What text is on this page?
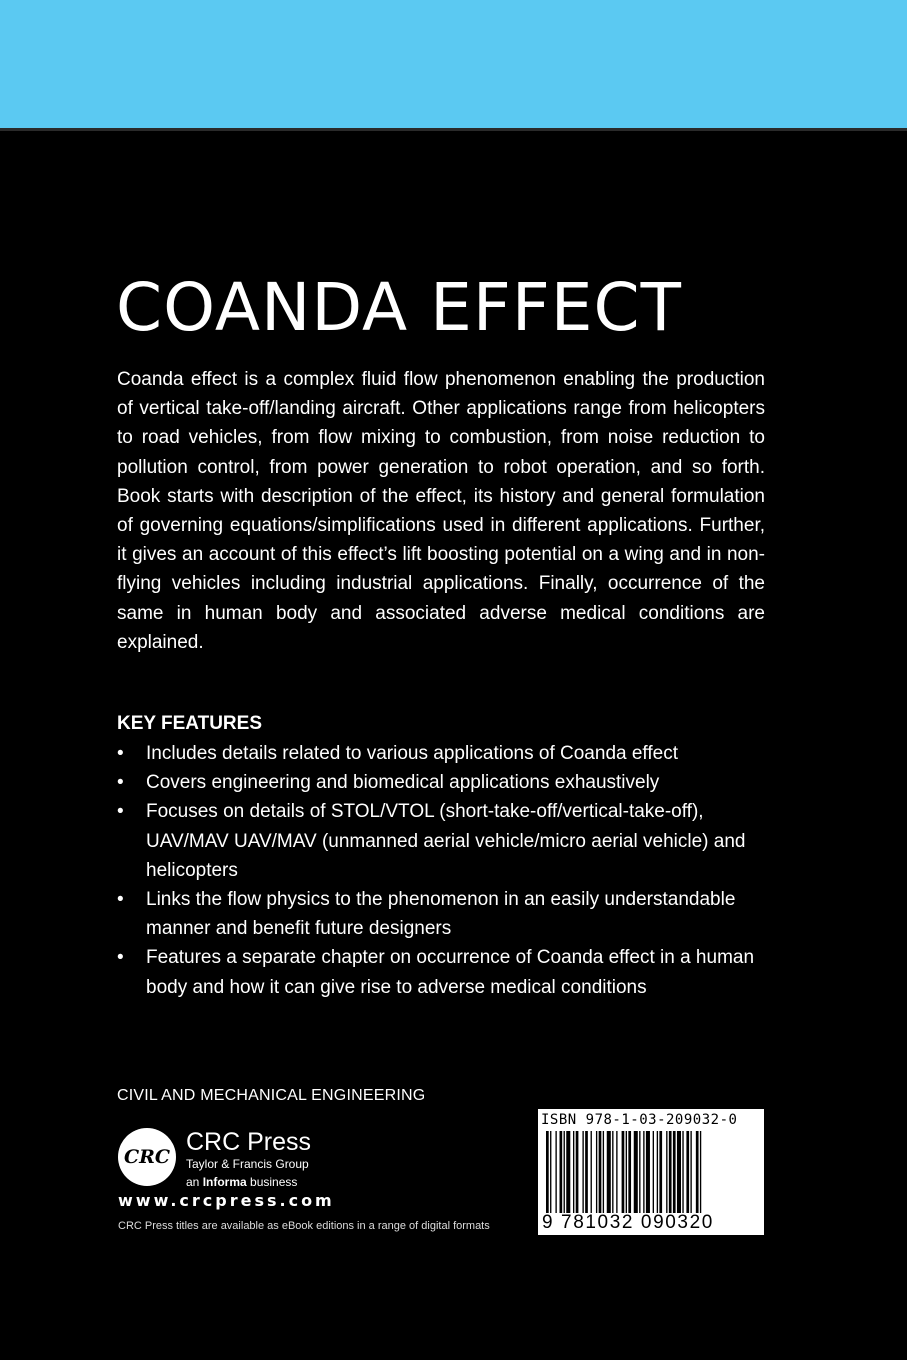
COANDA EFFECT

Coanda effect is a complex fluid flow phenomenon enabling the production of vertical take-off/landing aircraft. Other applications range from helicopters to road vehicles, from flow mixing to combustion, from noise reduction to pollution control, from power generation to robot operation, and so forth. Book starts with description of the effect, its history and general formulation of governing equations/simplifications used in different applications. Further, it gives an account of this effect’s lift boosting potential on a wing and in non-flying vehicles including industrial applications. Finally, occurrence of the same in human body and associated adverse medical conditions are explained.

KEY FEATURES
• Includes details related to various applications of Coanda effect
• Covers engineering and biomedical applications exhaustively
• Focuses on details of STOL/VTOL (short-take-off/vertical-take-off), UAV/MAV UAV/MAV (unmanned aerial vehicle/micro aerial vehicle) and helicopters
• Links the flow physics to the phenomenon in an easily understandable manner and benefit future designers
• Features a separate chapter on occurrence of Coanda effect in a human body and how it can give rise to adverse medical conditions

CIVIL AND MECHANICAL ENGINEERING

CRC

CRC Press

Taylor & Francis Group

an Informa business

www.crcpress.com

CRC Press titles are available as eBook editions in a range of digital formats

ISBN 978-1-03-209032-0
9 781032 090320
